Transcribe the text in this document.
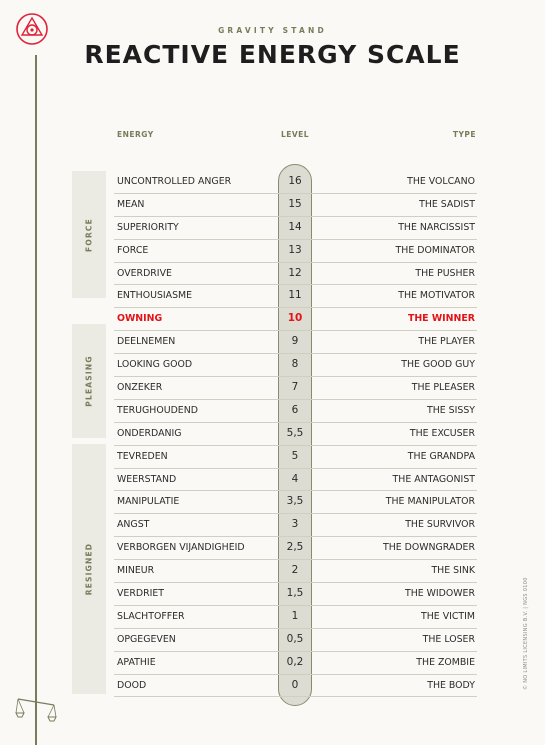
GRAVITY STAND
REACTIVE ENERGY SCALE
ENERGY	LEVEL	TYPE
FORCE
PLEASING
RESIGNED
UNCONTROLLED ANGER	16	THE VOLCANO
MEAN	15	THE SADIST
SUPERIORITY	14	THE NARCISSIST
FORCE	13	THE DOMINATOR
OVERDRIVE	12	THE PUSHER
ENTHOUSIASME	11	THE MOTIVATOR
OWNING	10	THE WINNER
DEELNEMEN	9	THE PLAYER
LOOKING GOOD	8	THE GOOD GUY
ONZEKER	7	THE PLEASER
TERUGHOUDEND	6	THE SISSY
ONDERDANIG	5,5	THE EXCUSER
TEVREDEN	5	THE GRANDPA
WEERSTAND	4	THE ANTAGONIST
MANIPULATIE	3,5	THE MANIPULATOR
ANGST	3	THE SURVIVOR
VERBORGEN VIJANDIGHEID	2,5	THE DOWNGRADER
MINEUR	2	THE SINK
VERDRIET	1,5	THE WIDOWER
SLACHTOFFER	1	THE VICTIM
OPGEGEVEN	0,5	THE LOSER
APATHIE	0,2	THE ZOMBIE
DOOD	0	THE BODY	© NO LIMITS LICENSING B.V. | NGS 0100
